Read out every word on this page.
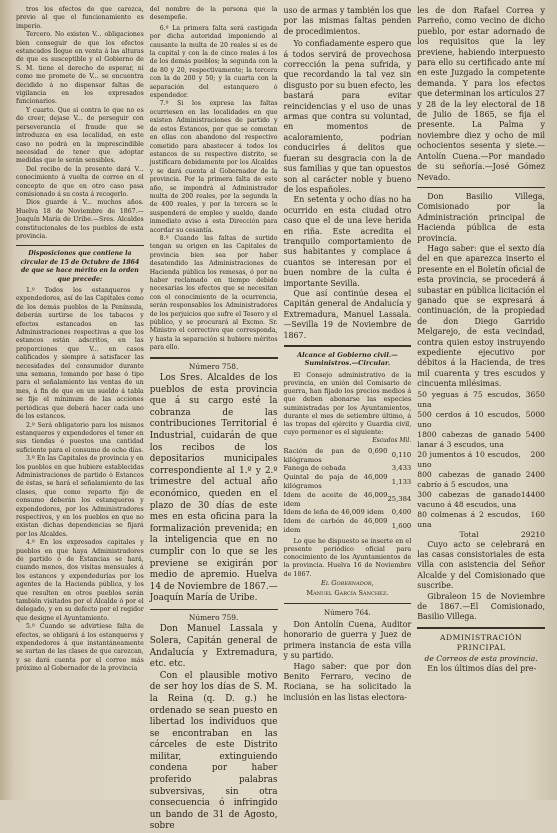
tros los efectos de que carezca, previo al que el funcionamiento es imperio.

Tercero. No existen V... obligaciones bien conseguir de que los efectos estancados llegue en venta á las alturas de que es susceptible y el Gobierno de S. M. tiene el derecho de esperar, ni como me promete de V... se encuentra decidido á no dispensar faltas de vigilancia en los expresados funcionarios.

Y cuarto. Que si contra lo que no es de creer, dejase V... de perseguir con perseverancia el fraude que se introduzca en esa localidad, en este caso no podrá en la imprescindible necesidad de tener que adoptar medidas que le serán sensibles.

Del recibo de la presente dará V... conocimiento á vuelta de correo en el concepto de que en otro caso pasa comisionado á su costa á recogerlo.

Dios guarde á V... muchos años. Huelva 18 de Noviembre de 1867.—Joaquín María de Uribe.—Sres. Alcaldes constitucionales de los pueblos de esta provincia.

Disposiciones que contiene la circular de 15 de Octubre de 1864 de que se hace mérito en la orden que precede:

1.º Todos los estanqueros y expendedores, así de las Capitales como de los demás pueblos de la Península, deberán surtirse de los tabacos y efectos estancados en las Administraciones respectivas a que los estancos están adscritos, en las proporciones que V... en casos calificados y siempre á satisfacer las necesidades del consumidor durante una semana, tomando por base ó tipo para el señalamiento las ventas de un mes, á fin de que en un sueldo á tabla se fije el mínimum de las acciones periódicas que deberá hacer cada uno de los estancos.

2.º Será obligatorio para los mismos estanqueros y expendedores el tener en sus tiendas ó puestos una cantidad suficiente para el consumo de ocho días.

3.º En las Capitales de provincia y en los pueblos en que hubiere establecidas Administraciones de partido ó Estancos de éstas, se hará el señalamiento de las clases, que como reparto fijo de consumo deberán los estanqueros y expendedores, por los Administradores respectivos, y en los pueblos en que no existan dichas dependencias se fijará por los Alcaldes.

4.º En los expresados capitales y pueblos en que haya Administradores de partido ó de Estancias se hará, cuando menos, dos visitas mensuales á los estancos y expendedurías por los agentes de la Hacienda pública, y los que resulten en otros pueblos serán también visitados por el Alcalde ó por el delegado, y en su defecto por el regidor que designe el Ayuntamiento.

5.º Cuando se advirtiese falta de efectos, se obligará á los estanqueros y expendedores á que instantáneamente se surtan de las clases de que carezcan, y se dará cuenta por el correo más próximo al Gobernador de la provincia

del nombre de la persona que la desempeñe.

6.º La primera falta será castigada por dicha autoridad imponiendo al causante la multa de 20 reales si es de la capital y con la de cinco reales á los de los demás pueblos; la segunda con la de 80 y 20, respectivamente; la tercera con la de 200 y 50; y la cuarta con la separación del estanquero ó expendedor.

7.º Si los expresa las faltas ocurriesen en las localidades en que existen Administraciones de partido y de estos Estancos, por que se cometan en ellas con abandono del respectivo cometido para abastecer á todos los estancos de su respectivo distrito, se justificara debidamente por los Alcaldes y se dará cuenta al Gobernador de la provincia. Por la primera falta de este año, se impondrá al Administrador multa de 200 reales, por la segunda la de 400 reales, y por la tercera se le suspenderá de empleo y sueldo, dando inmediato aviso á esta Dirección para acordar su cesantía.

8.º Cuando las faltas de surtido tengan su origen en las Capitales de provincia bien sea por haber desatendido las Administraciones de Hacienda pública los remesas, ó por no haber reclamado en tiempo debido necesarias los efectos que se necesitan con el conocimiento de la ocurrencia, serán responsables los Administradores de los perjuicios que sufre el Tesoro y el público, y se procurará al Excmo. Sr. Ministro el correctivo que corresponda, y hasta la separación si hubiere méritos para ello.

Número 758.

Los Sres. Alcaldes de los pueblos de esta provincia que á su cargo esté la cobranza de las contribuciones Territorial é Industrial, cuidarán de que los recibos de los depositarios municipales correspondiente al 1.º y 2.º trimestre del actual año económico, queden en el plazo de 30 días de este mes en esta oficina para la formalización prevenida; en la inteligencia que en no cumplir con lo que se les previene se exigirán por medio de apremio. Huelva 14 de Noviembre de 1867.—Joaquín María de Uribe.

Número 759.

Don Manuel Lassala y Solera, Capitán general de Andalucía y Extremadura, etc. etc.

Con el plausible motivo de ser hoy los días de S. M. la Reina (q. D. g.) he ordenado se sean puesto en libertad los individuos que se encontraban en las cárceles de este Distrito militar, extinguiendo condena por haber proferido palabras subversivas, sin otra consecuencia ó infringido un bando de 31 de Agosto, sobre

uso de armas y también los que por las mismas faltas penden de procedimientos.

Yo confiadamente espero que á todos servirá de provechosa corrección la pena sufrida, y que recordando la tal vez sin disgusto por su buen efecto, les bastará para evitar reincidencias y el uso de unas armas que contra su voluntad, en momentos de acaloramiento, podrían conducirles á delitos que fueran su desgracia con la de sus familias y que tan opuestos son al carácter noble y bueno de los españoles.

En setenta y ocho días no ha ocurrido en esta ciudad otro caso que el de una leve herida en riña. Este acredita el tranquilo comportamiento de sus habitantes y complace á cuantos se interesan por el buen nombre de la culta é importante Sevilla.

Que así continúe desea el Capitán general de Andalucía y Extremadura, Manuel Lassala.—Sevilla 19 de Noviembre de 1867.

Alcance al Gobierno civil.—Suministros.—Circular.

El Consejo administrativo de la provincia, en unión del Comisario de guerra, han fijado los precios medios á que deben abonarse las especies suministradas por los Ayuntamientos, durante el mes de setiembre último, á las tropas del ejército y Guardia civil, cuyo pormenor es el siguiente:

Escudos Mil.
Ración de pan de 0,690 kilógramos	0,110
Fanega de cebada	3,433
Quintal de paja de 46,009 kilógramos	1,133
Idem de aceite de 46,009 idem	25,384
Idem de leña de 46,009 idem	0,400
Idem de carbón de 46,009 idem	1,600

Lo que he dispuesto se inserte en el presente periódico oficial para conocimiento de los Ayuntamientos de la provincia. Huelva 16 de Noviembre de 1867.

El Gobernador,
Manuel García Sánchez.
Número 764.

Don Antolín Cuena, Auditor honorario de guerra y Juez de primera instancia de esta villa y su partido.

Hago saber: que por don Benito Ferraro, vecino de Rociana, se ha solicitado la inclusión en las listas electora-

les de don Rafael Correa y Parreño, como vecino de dicho pueblo, por estar adornado de los requisitos que la ley previene, habiendo interpuesto para ello su certificado ante mí en este Juzgado la competente demanda. Y para los efectos que determinan los artículos 27 y 28 de la ley electoral de 18 de Julio de 1865, se fija el presente. La Palma y noviembre diez y ocho de mil ochocientos sesenta y siete.—Antolín Cuena.—Por mandado de su señoría.—José Gómez Nevado.

Don Basilio Villega, Comisionado por la Administración principal de Hacienda pública de esta provincia.

Hago saber: que el sexto día del en que aparezca inserto el presente en el Boletín oficial de esta provincia, se procederá á subastar en pública licitación el ganado que se expresará á continuación, de la propiedad de don Diego Garrido Melgarejo, de esta vecindad, contra quien estoy instruyendo expediente ejecutivo por débitos á la Hacienda, de tres mil cuarenta y tres escudos y cincuenta milésimas.

50 yeguas á 75 escudos, una	3650
500 cerdos á 10 escudos, uno	5000
1800 cabezas de ganado lanar á 3 escudos, una	5400
20 jumentos á 10 escudos, uno	200
800 cabezas de ganado cabrío á 5 escudos, una	2400
300 cabezas de ganado vacuno á 48 escudos, una	14400
80 colmenas á 2 escudos, una	160
Total	29210

Cuyo acto se celebrará en las casas consistoriales de esta villa con asistencia del Señor Alcalde y del Comisionado que suscribe.

Gibraleon 15 de Noviembre de 1867.—El Comisionado, Basilio Villega.

ADMINISTRACIÓN PRINCIPAL
de Correos de esta provincia.

En los últimos días del pre-
